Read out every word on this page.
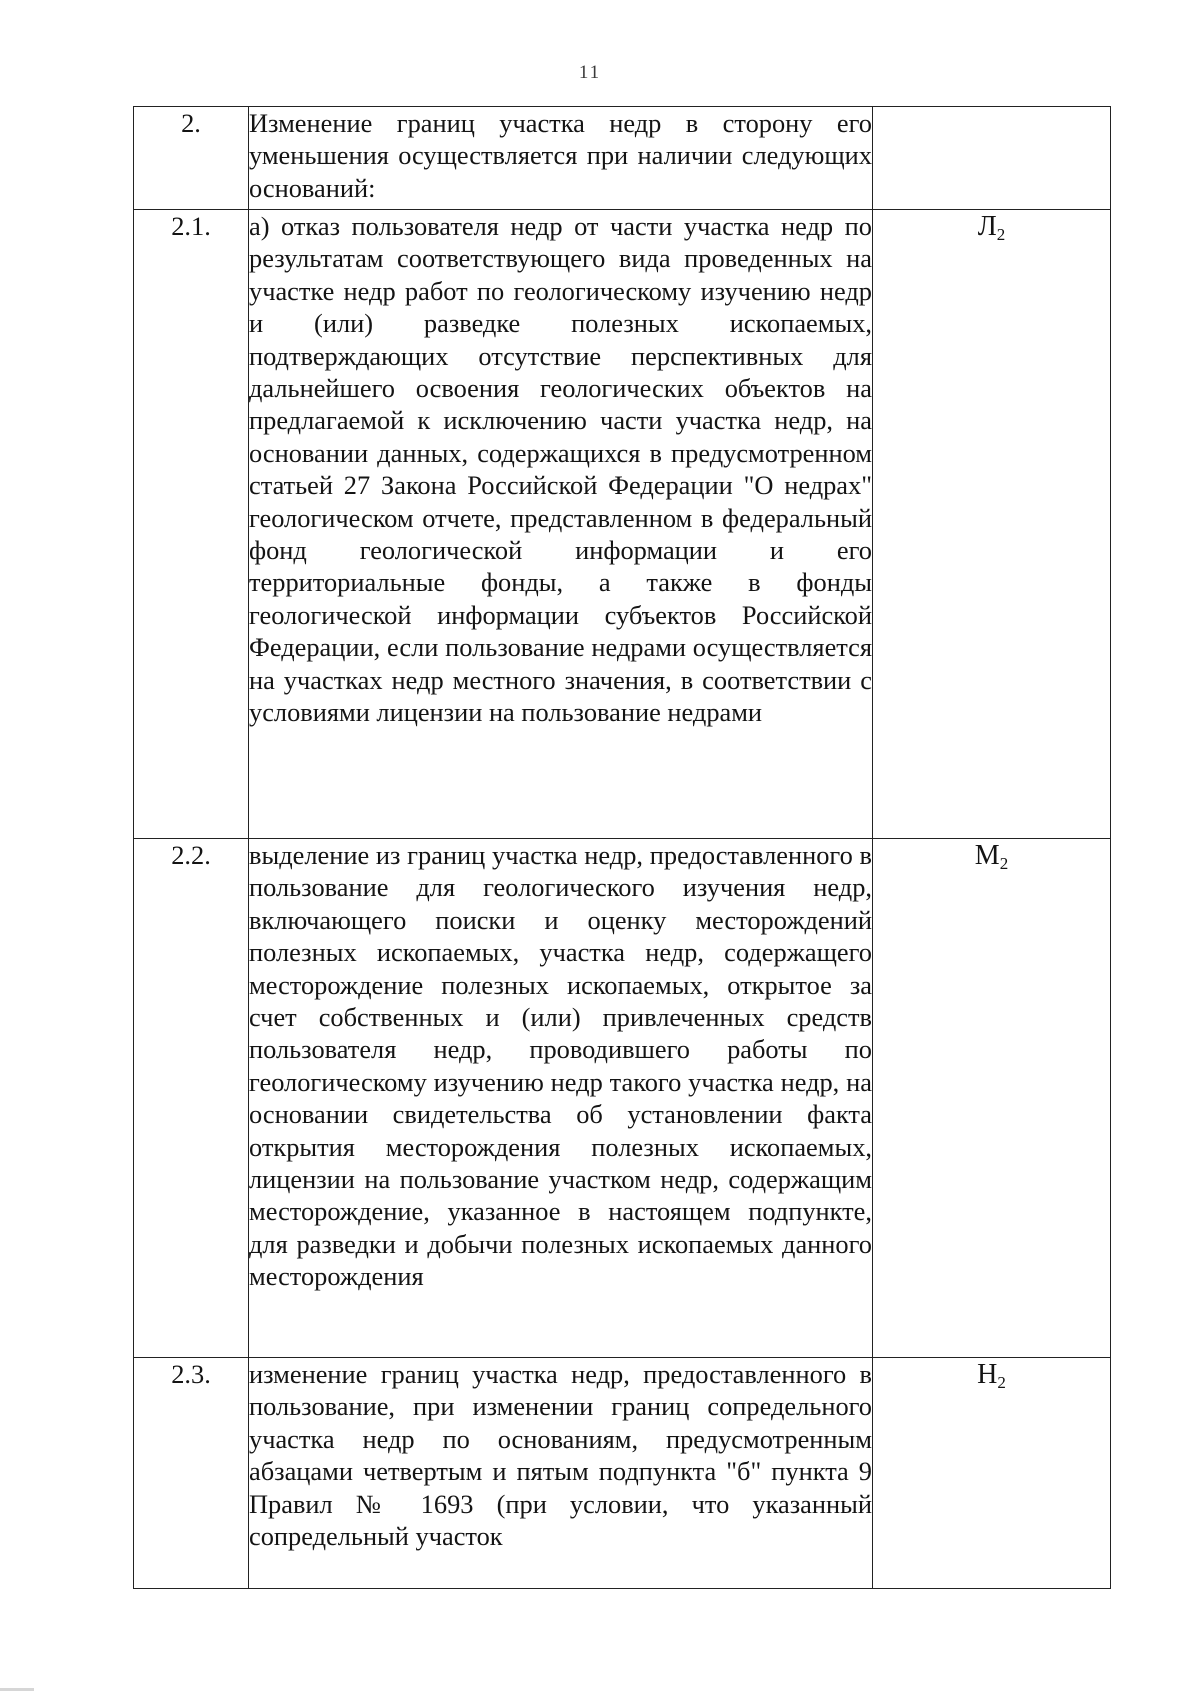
11
2.	Изменение границ участка недр в сторону его уменьшения осуществляется при наличии следующих оснований:	
2.1.	а) отказ пользователя недр от части участка недр по результатам соответствующего вида проведенных на участке недр работ по геологическому изучению недр и (или) разведке полезных ископаемых, подтверждающих отсутствие перспективных для дальнейшего освоения геологических объектов на предлагаемой к исключению части участка недр, на основании данных, содержащихся в предусмотренном статьей 27 Закона Российской Федерации "О недрах" геологическом отчете, представленном в федеральный фонд геологической информации и его территориальные фонды, а также в фонды геологической информации субъектов Российской Федерации, если пользование недрами осуществляется на участках недр местного значения, в соответствии с условиями лицензии на пользование недрами	Л2
2.2.	выделение из границ участка недр, предоставленного в пользование для геологического изучения недр, включающего поиски и оценку месторождений полезных ископаемых, участка недр, содержащего месторождение полезных ископаемых, открытое за счет собственных и (или) привлеченных средств пользователя недр, проводившего работы по геологическому изучению недр такого участка недр, на основании свидетельства об установлении факта открытия месторождения полезных ископаемых, лицензии на пользование участком недр, содержащим месторождение, указанное в настоящем подпункте, для разведки и добычи полезных ископаемых данного месторождения	М2
2.3.	изменение границ участка недр, предоставленного в пользование, при изменении границ сопредельного участка недр по основаниям, предусмотренным абзацами четвертым и пятым подпункта "б" пункта 9 Правил № 1693 (при условии, что указанный сопредельный участок	Н2
